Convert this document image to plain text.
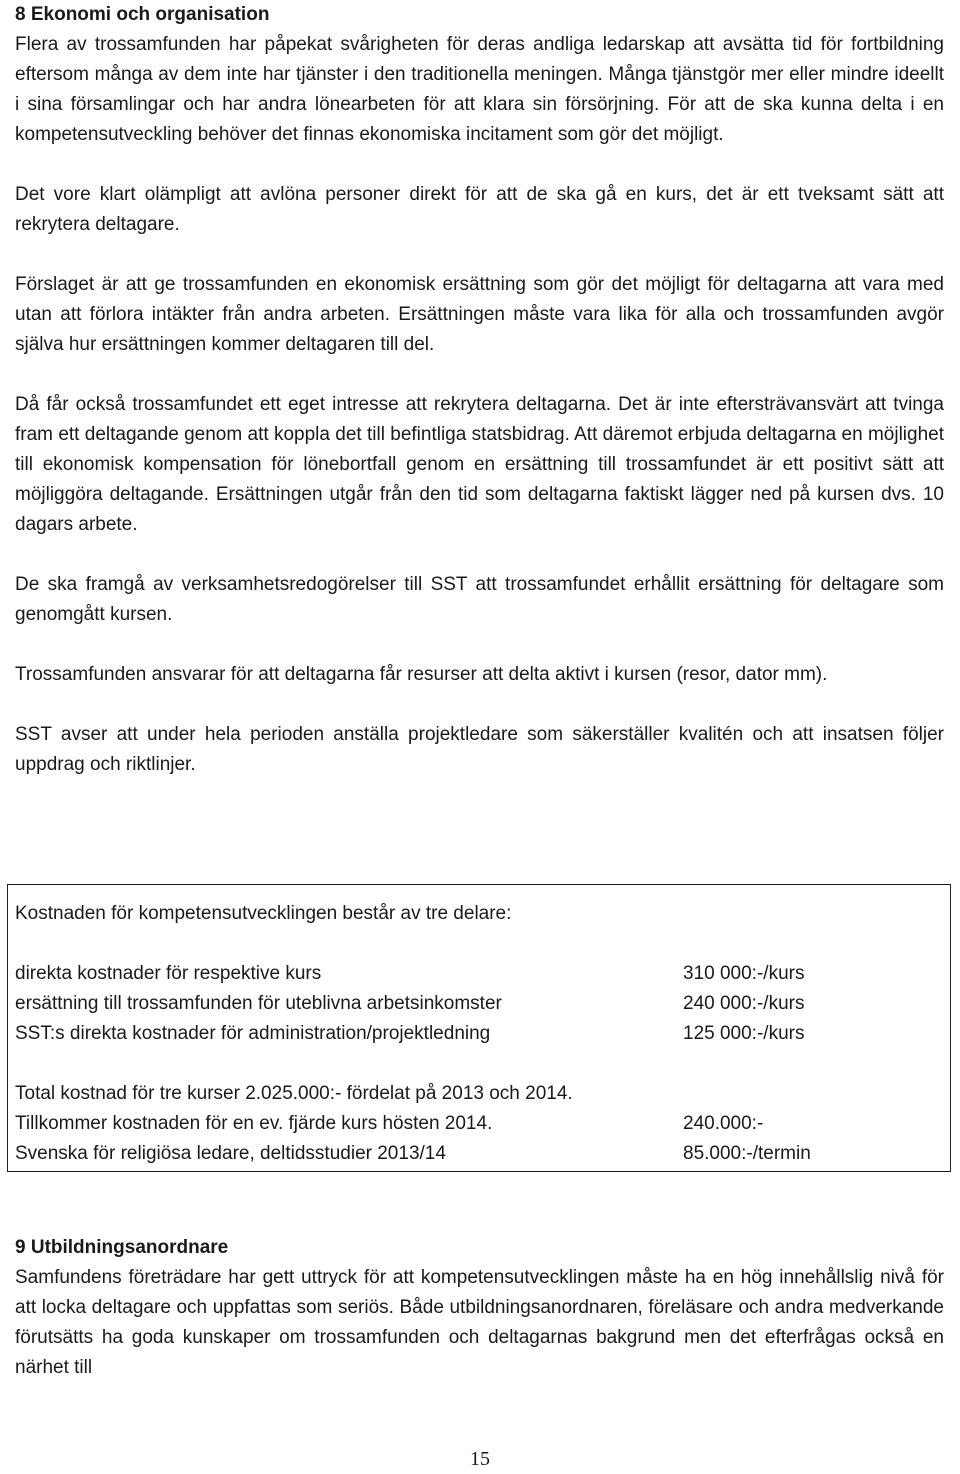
8 Ekonomi och organisation

Flera av trossamfunden har påpekat svårigheten för deras andliga ledarskap att avsätta tid för fortbildning eftersom många av dem inte har tjänster i den traditionella meningen. Många tjänstgör mer eller mindre ideellt i sina församlingar och har andra lönearbeten för att klara sin försörjning. För att de ska kunna delta i en kompetensutveckling behöver det finnas ekonomiska incitament som gör det möjligt.

Det vore klart olämpligt att avlöna personer direkt för att de ska gå en kurs, det är ett tveksamt sätt att rekrytera deltagare.

Förslaget är att ge trossamfunden en ekonomisk ersättning som gör det möjligt för deltagarna att vara med utan att förlora intäkter från andra arbeten. Ersättningen måste vara lika för alla och trossamfunden avgör själva hur ersättningen kommer deltagaren till del.

Då får också trossamfundet ett eget intresse att rekrytera deltagarna. Det är inte eftersträvansvärt att tvinga fram ett deltagande genom att koppla det till befintliga statsbidrag. Att däremot erbjuda deltagarna en möjlighet till ekonomisk kompensation för lönebortfall genom en ersättning till trossamfundet är ett positivt sätt att möjliggöra deltagande. Ersättningen utgår från den tid som deltagarna faktiskt lägger ned på kursen dvs. 10 dagars arbete.

De ska framgå av verksamhetsredogörelser till SST att trossamfundet erhållit ersättning för deltagare som genomgått kursen.

Trossamfunden ansvarar för att deltagarna får resurser att delta aktivt i kursen (resor, dator mm).

SST avser att under hela perioden anställa projektledare som säkerställer kvalitén och att insatsen följer uppdrag och riktlinjer.

Kostnaden för kompetensutvecklingen består av tre delare:
direkta kostnader för respektive kurs	310 000:-/kurs
ersättning till trossamfunden för uteblivna arbetsinkomster	240 000:-/kurs
SST:s direkta kostnader för administration/projektledning	125 000:-/kurs
Total kostnad för tre kurser 2.025.000:- fördelat på 2013 och 2014.
Tillkommer kostnaden för en ev. fjärde kurs hösten 2014.	240.000:-
Svenska för religiösa ledare, deltidsstudier 2013/14	85.000:-/termin
9 Utbildningsanordnare

Samfundens företrädare har gett uttryck för att kompetensutvecklingen måste ha en hög innehållslig nivå för att locka deltagare och uppfattas som seriös. Både utbildningsanordnaren, föreläsare och andra medverkande förutsätts ha goda kunskaper om trossamfunden och deltagarnas bakgrund men det efterfrågas också en närhet till

15
